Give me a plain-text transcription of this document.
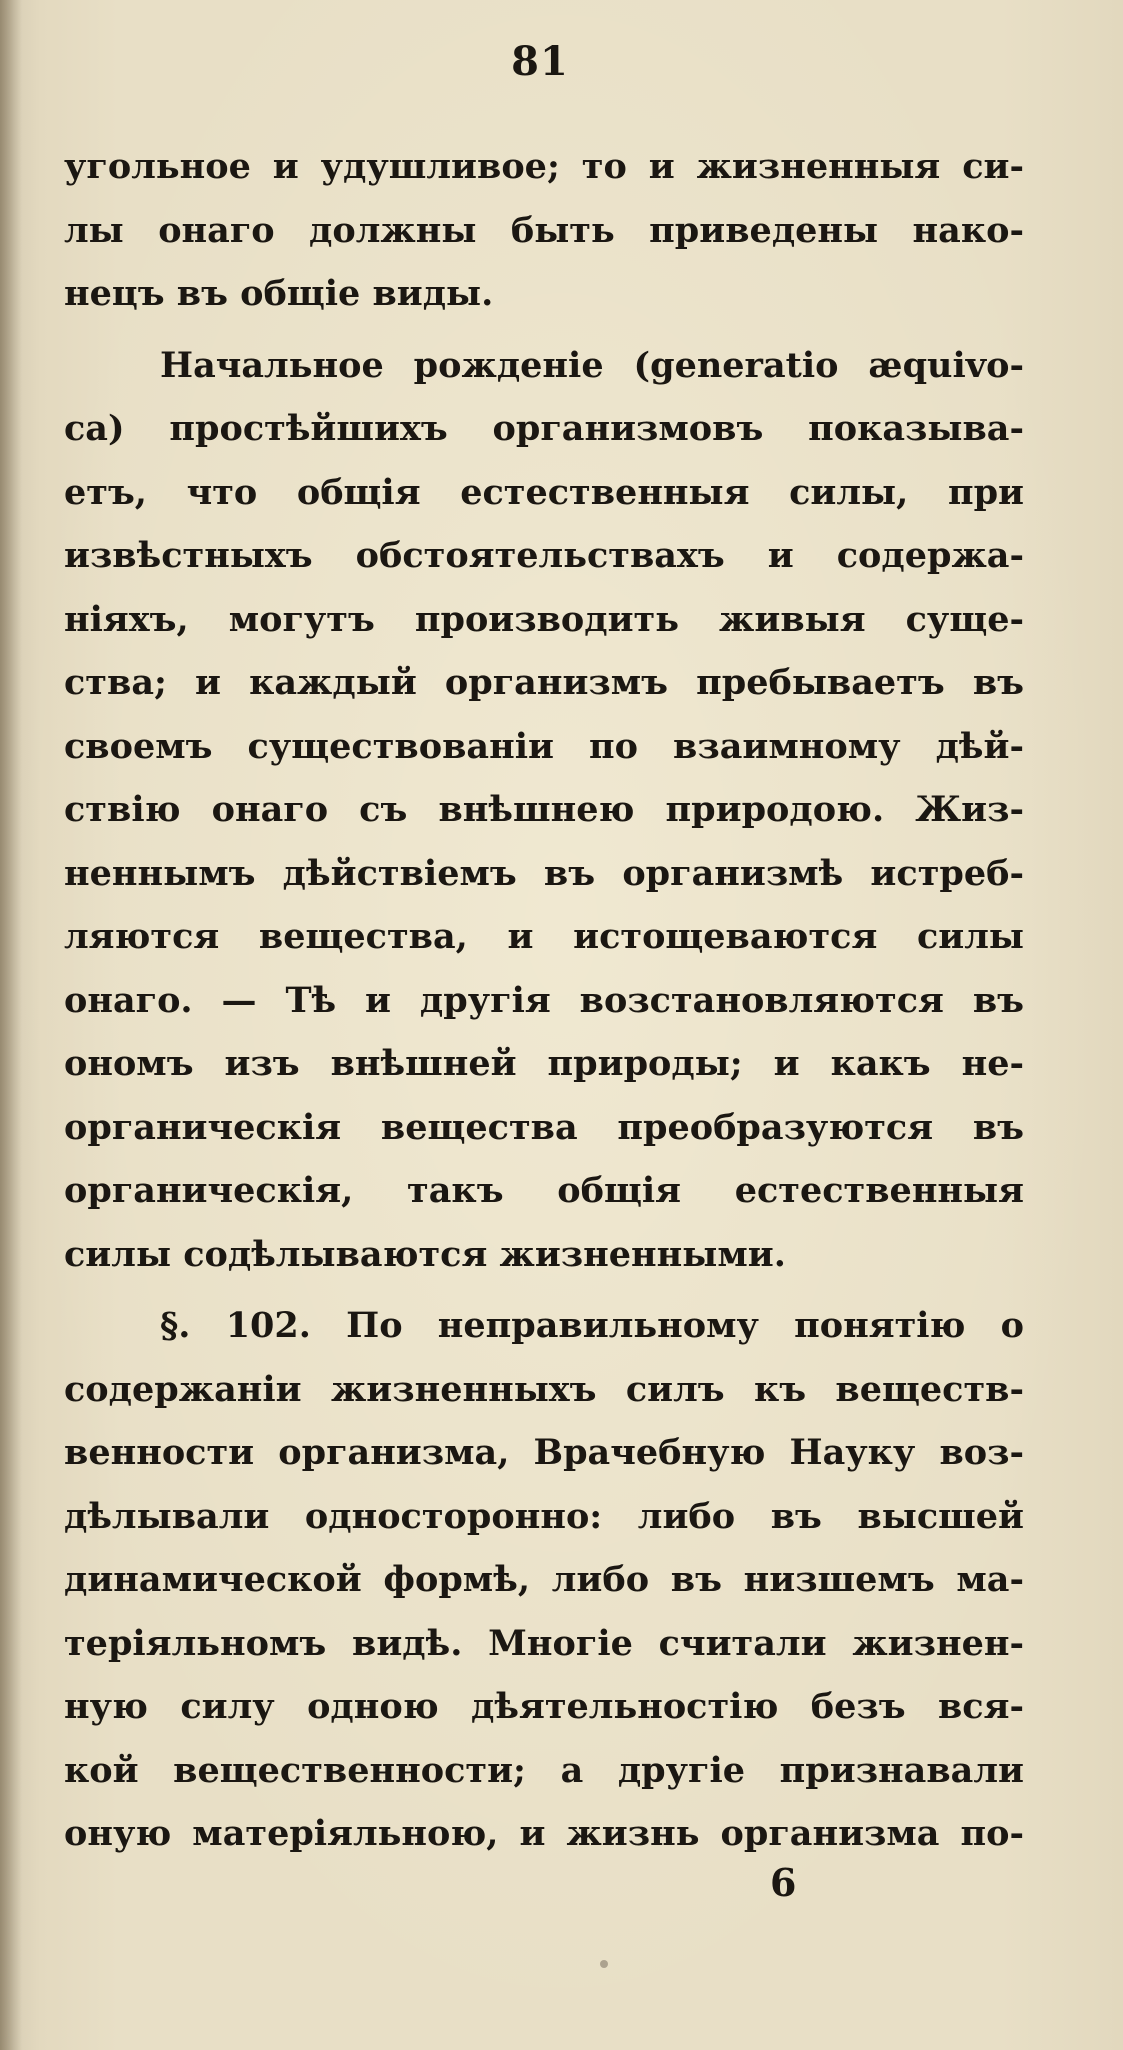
81
угольное и удушливое; то и жизненныя си-
лы онаго должны быть приведены нако-
нецъ въ общіе виды.
Начальное рожденіе (generatio æquivo-
ca) простѣйшихъ организмовъ показыва-
етъ, что общія естественныя силы, при
извѣстныхъ обстоятельствахъ и содержа-
ніяхъ, могутъ производить живыя суще-
ства; и каждый организмъ пребываетъ въ
своемъ существованіи по взаимному дѣй-
ствію онаго съ внѣшнею природою. Жиз-
неннымъ дѣйствіемъ въ организмѣ истреб-
ляются вещества, и истощеваются силы
онаго. — Тѣ и другія возстановляются въ
ономъ изъ внѣшней природы; и какъ не-
органическія вещества преобразуются въ
органическія, такъ общія естественныя
силы содѣлываются жизненными.
§. 102. По неправильному понятію о
содержаніи жизненныхъ силъ къ веществ-
венности организма, Врачебную Науку воз-
дѣлывали односторонно: либо въ высшей
динамической формѣ, либо въ низшемъ ма-
теріяльномъ видѣ. Многіе считали жизнен-
ную силу одною дѣятельностію безъ вся-
кой вещественности; а другіе признавали
оную матеріяльною, и жизнь организма по-
6
